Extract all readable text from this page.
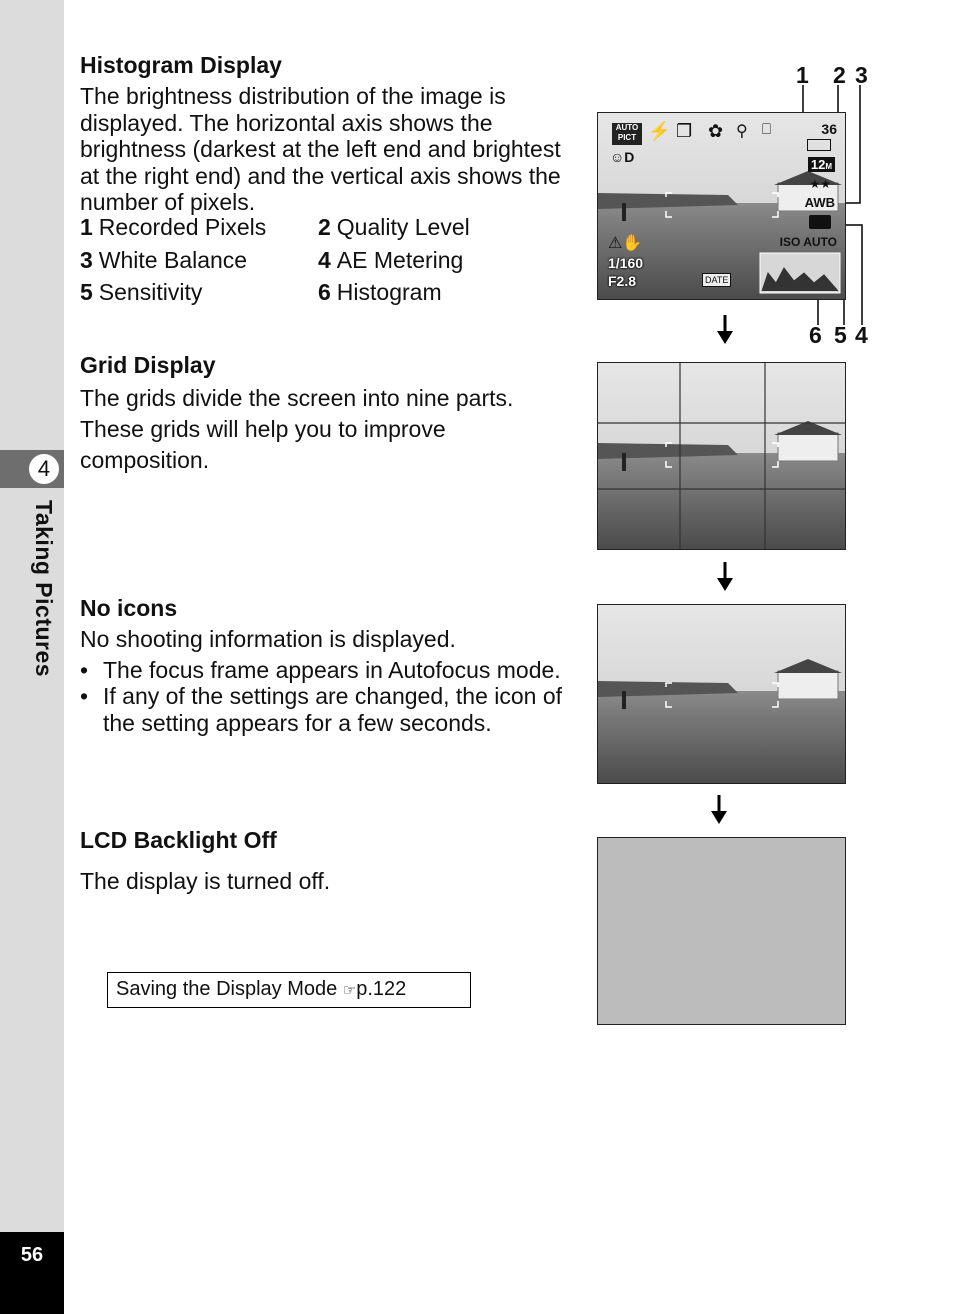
4
Taking Pictures
56
Histogram Display

The brightness distribution of the image is displayed. The horizontal axis shows the brightness (darkest at the left end and brightest at the right end) and the vertical axis shows the number of pixels.

1 Recorded Pixels	2 Quality Level
3 White Balance	4 AE Metering
5 Sensitivity	6 Histogram
Grid Display

The grids divide the screen into nine parts. These grids will help you to improve composition.

No icons

No shooting information is displayed.

• The focus frame appears in Autofocus mode.
• If any of the settings are changed, the icon of the setting appears for a few seconds.
LCD Backlight Off

The display is turned off.

Saving the Display Mode ☞p.122
1 2 3
6 5 4
AUTO
PICT ⚡ ❐ ✿ ⚲ ⎕
☺D
36
12M
★★
AWB
ISO AUTO
⚠✋
1/160
F2.8	DATE
